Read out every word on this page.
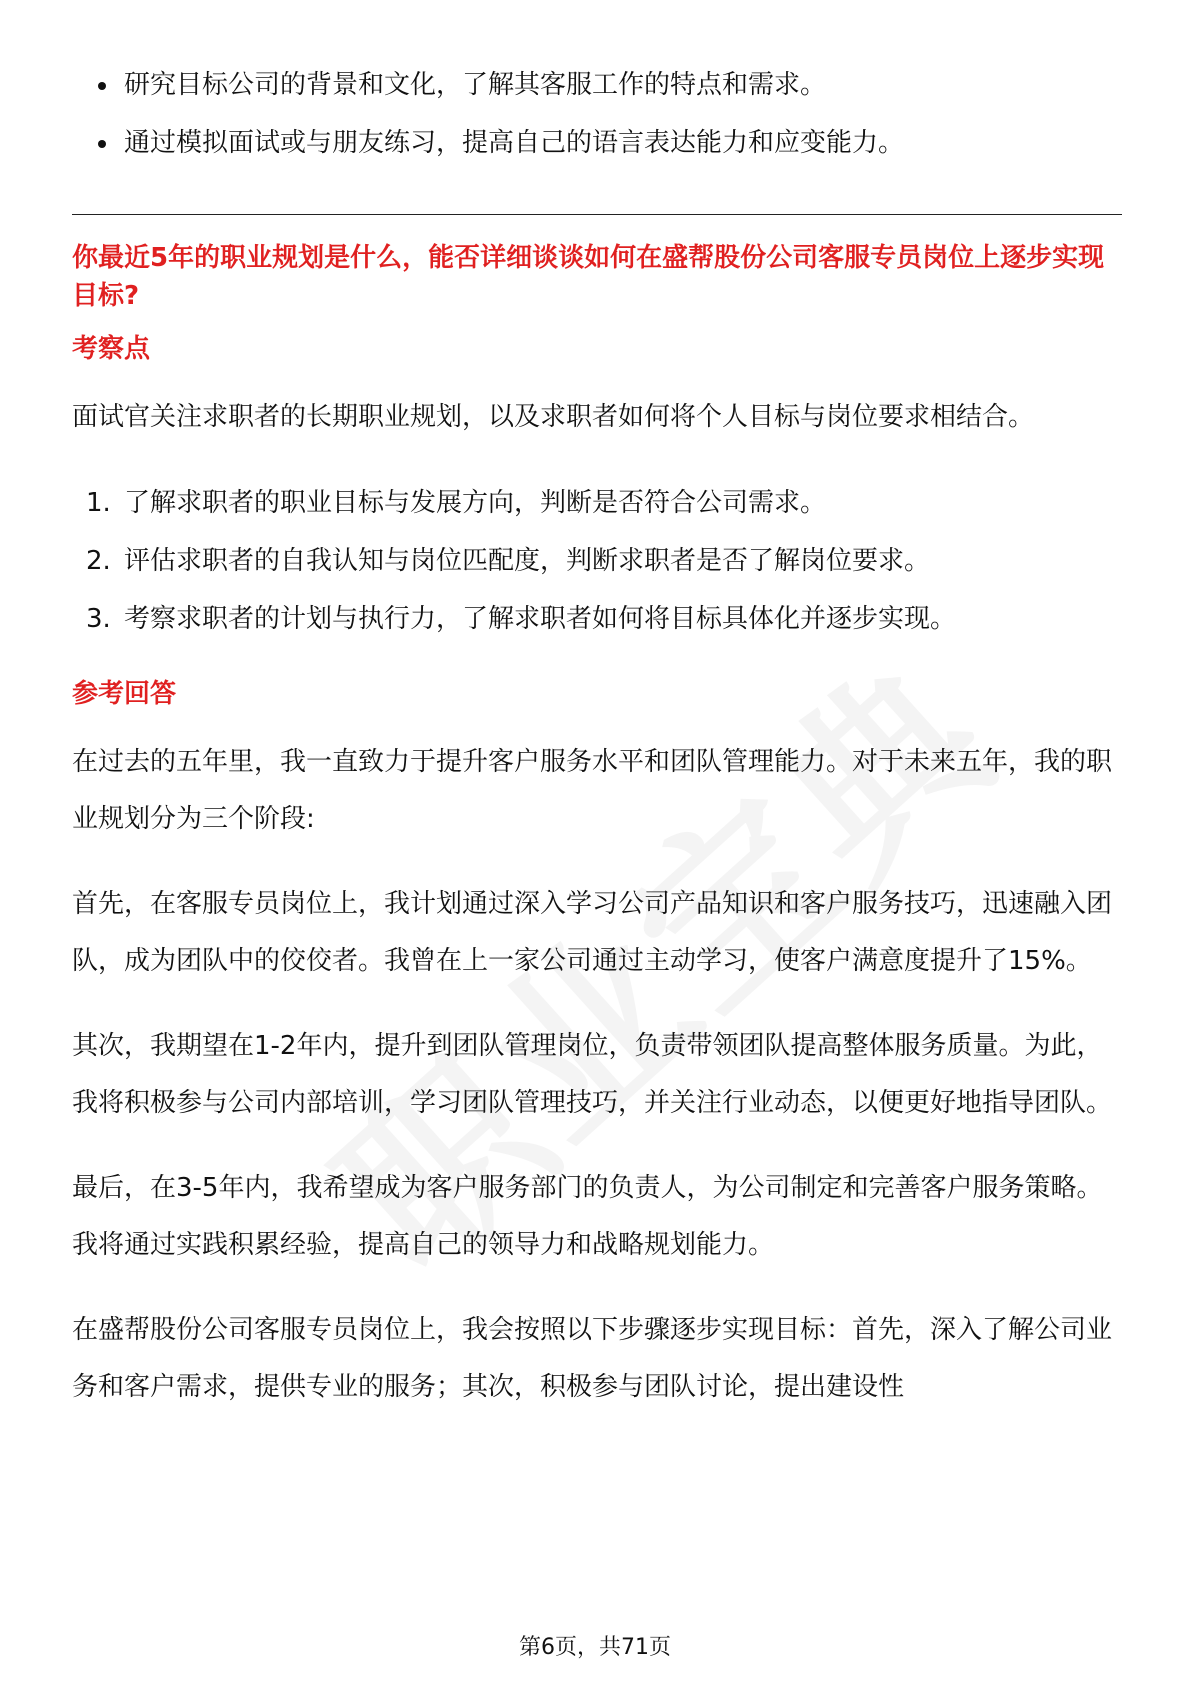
研究目标公司的背景和文化，了解其客服工作的特点和需求。
通过模拟面试或与朋友练习，提高自己的语言表达能力和应变能力。

你最近5年的职业规划是什么，能否详细谈谈如何在盛帮股份公司客服专员岗位上逐步实现目标?

考察点

面试官关注求职者的长期职业规划，以及求职者如何将个人目标与岗位要求相结合。

1. 了解求职者的职业目标与发展方向，判断是否符合公司需求。
2. 评估求职者的自我认知与岗位匹配度，判断求职者是否了解岗位要求。
3. 考察求职者的计划与执行力，了解求职者如何将目标具体化并逐步实现。
参考回答

在过去的五年里，我一直致力于提升客户服务水平和团队管理能力。对于未来五年，我的职业规划分为三个阶段:

首先，在客服专员岗位上，我计划通过深入学习公司产品知识和客户服务技巧，迅速融入团队，成为团队中的佼佼者。我曾在上一家公司通过主动学习，使客户满意度提升了15%。

其次，我期望在1-2年内，提升到团队管理岗位，负责带领团队提高整体服务质量。为此，我将积极参与公司内部培训，学习团队管理技巧，并关注行业动态，以便更好地指导团队。

最后，在3-5年内，我希望成为客户服务部门的负责人，为公司制定和完善客户服务策略。我将通过实践积累经验，提高自己的领导力和战略规划能力。

在盛帮股份公司客服专员岗位上，我会按照以下步骤逐步实现目标：首先，深入了解公司业务和客户需求，提供专业的服务；其次，积极参与团队讨论，提出建设性

第6页，共71页
